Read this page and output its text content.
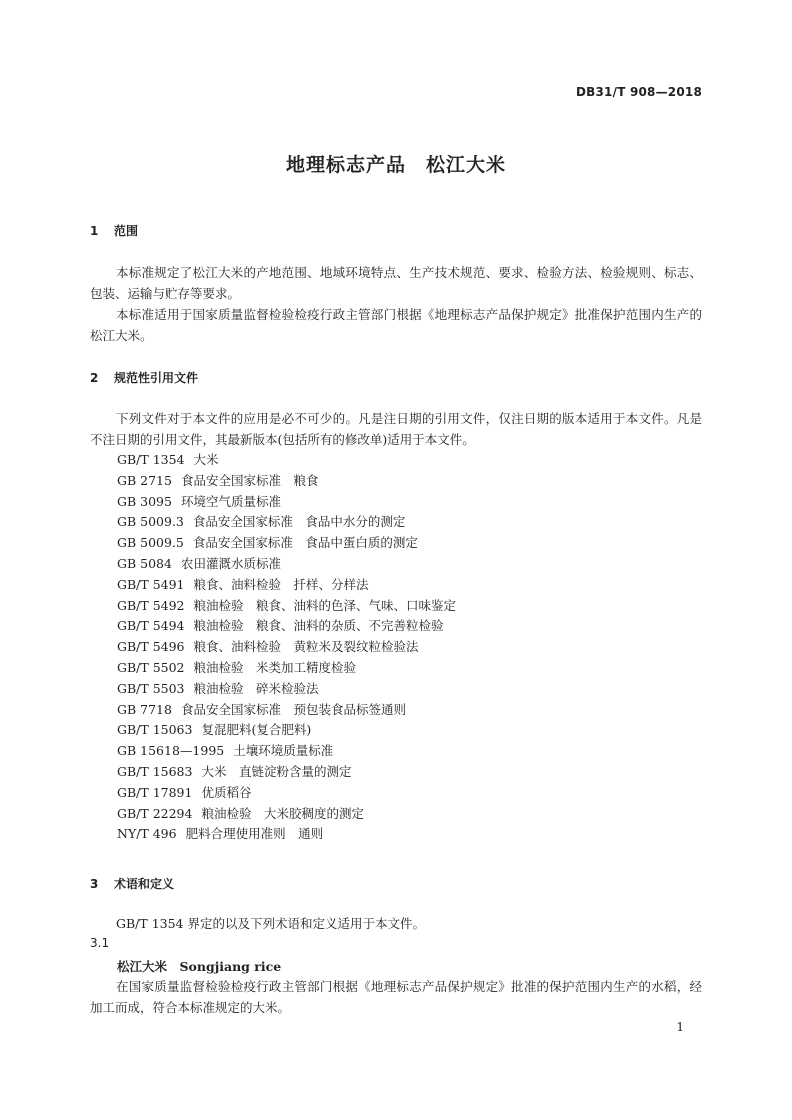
DB31/T 908—2018
地理标志产品　松江大米
1 范围

本标准规定了松江大米的产地范围、地域环境特点、生产技术规范、要求、检验方法、检验规则、标志、包装、运输与贮存等要求。

本标准适用于国家质量监督检验检疫行政主管部门根据《地理标志产品保护规定》批准保护范围内生产的松江大米。

2 规范性引用文件

下列文件对于本文件的应用是必不可少的。凡是注日期的引用文件，仅注日期的版本适用于本文件。凡是不注日期的引用文件，其最新版本(包括所有的修改单)适用于本文件。

GB/T 1354 大米
GB 2715 食品安全国家标准　粮食
GB 3095 环境空气质量标准
GB 5009.3 食品安全国家标准　食品中水分的测定
GB 5009.5 食品安全国家标准　食品中蛋白质的测定
GB 5084 农田灌溉水质标准
GB/T 5491 粮食、油料检验　扦样、分样法
GB/T 5492 粮油检验　粮食、油料的色泽、气味、口味鉴定
GB/T 5494 粮油检验　粮食、油料的杂质、不完善粒检验
GB/T 5496 粮食、油料检验　黄粒米及裂纹粒检验法
GB/T 5502 粮油检验　米类加工精度检验
GB/T 5503 粮油检验　碎米检验法
GB 7718 食品安全国家标准　预包装食品标签通则
GB/T 15063 复混肥料(复合肥料)
GB 15618—1995 土壤环境质量标准
GB/T 15683 大米　直链淀粉含量的测定
GB/T 17891 优质稻谷
GB/T 22294 粮油检验　大米胶稠度的测定
NY/T 496 肥料合理使用准则　通则
3 术语和定义

GB/T 1354 界定的以及下列术语和定义适用于本文件。

3.1
松江大米　Songjiang rice

在国家质量监督检验检疫行政主管部门根据《地理标志产品保护规定》批准的保护范围内生产的水稻，经加工而成，符合本标准规定的大米。

1
